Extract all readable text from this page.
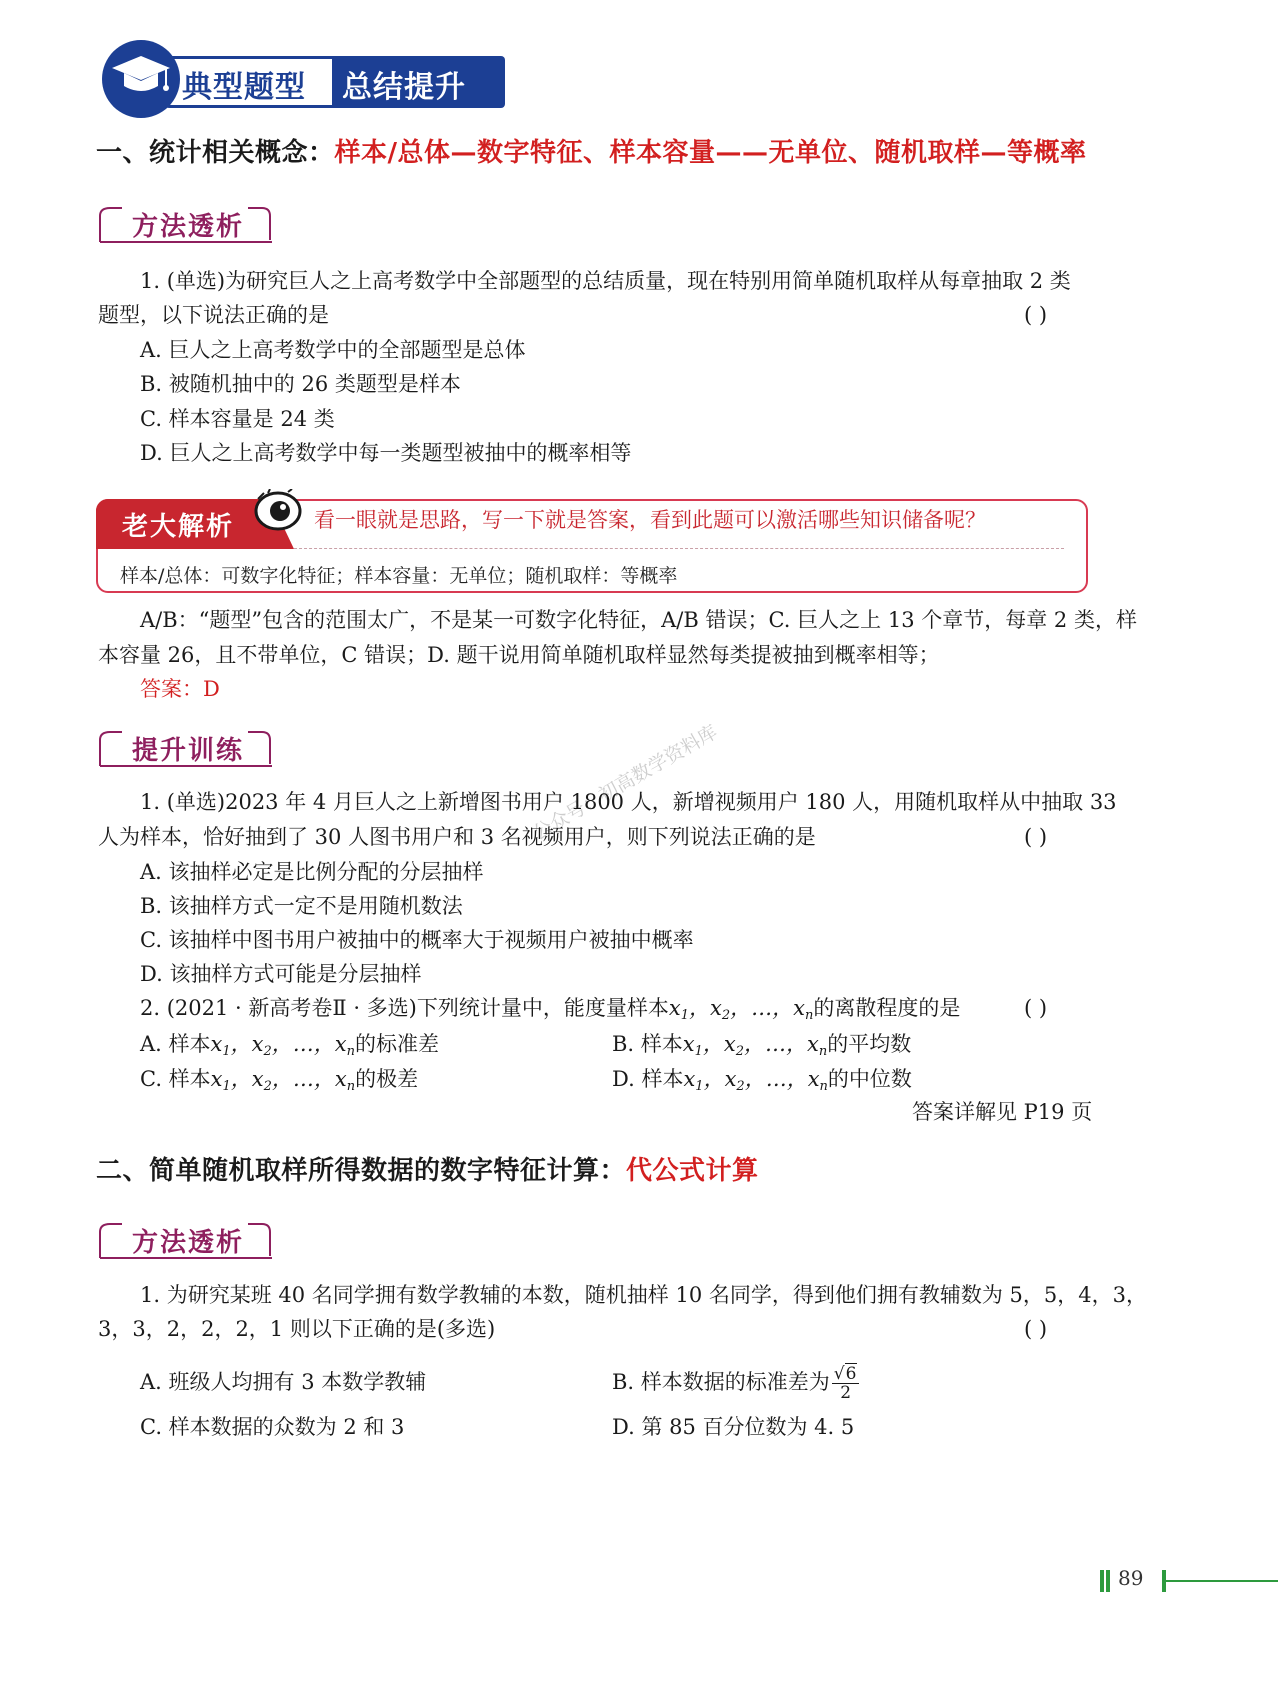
典型题型 总结提升
一、统计相关概念：样本/总体—数字特征、样本容量——无单位、随机取样—等概率
方法透析
1. (单选)为研究巨人之上高考数学中全部题型的总结质量，现在特别用简单随机取样从每章抽取 2 类
题型，以下说法正确的是	( )
A. 巨人之上高考数学中的全部题型是总体
B. 被随机抽中的 26 类题型是样本
C. 样本容量是 24 类
D. 巨人之上高考数学中每一类题型被抽中的概率相等
老大解析	看一眼就是思路，写一下就是答案，看到此题可以激活哪些知识储备呢？
样本/总体：可数字化特征；样本容量：无单位；随机取样：等概率
A/B：“题型”包含的范围太广，不是某一可数字化特征，A/B 错误；C. 巨人之上 13 个章节，每章 2 类，样
本容量 26，且不带单位，C 错误；D. 题干说用简单随机取样显然每类提被抽到概率相等；
答案：D
提升训练	公众号：初高数学资料库
1. (单选)2023 年 4 月巨人之上新增图书用户 1800 人，新增视频用户 180 人，用随机取样从中抽取 33
人为样本，恰好抽到了 30 人图书用户和 3 名视频用户，则下列说法正确的是	( )
A. 该抽样必定是比例分配的分层抽样
B. 该抽样方式一定不是用随机数法
C. 该抽样中图书用户被抽中的概率大于视频用户被抽中概率
D. 该抽样方式可能是分层抽样
2. (2021 · 新高考卷Ⅱ · 多选)下列统计量中，能度量样本$x_1$，$x_2$，…，$x_n$的离散程度的是	( )
A. 样本$x_1$，$x_2$，…，$x_n$的标准差	B. 样本$x_1$，$x_2$，…，$x_n$的平均数
C. 样本$x_1$，$x_2$，…，$x_n$的极差	D. 样本$x_1$，$x_2$，…，$x_n$的中位数
答案详解见 P19 页
二、简单随机取样所得数据的数字特征计算：代公式计算
方法透析
1. 为研究某班 40 名同学拥有数学教辅的本数，随机抽样 10 名同学，得到他们拥有教辅数为 5，5，4，3，
3，3，2，2，2，1 则以下正确的是(多选)	( )
A. 班级人均拥有 3 本数学教辅	B. 样本数据的标准差为 $\frac{√6}{2}$
C. 样本数据的众数为 2 和 3	D. 第 85 百分位数为 4. 5
89
